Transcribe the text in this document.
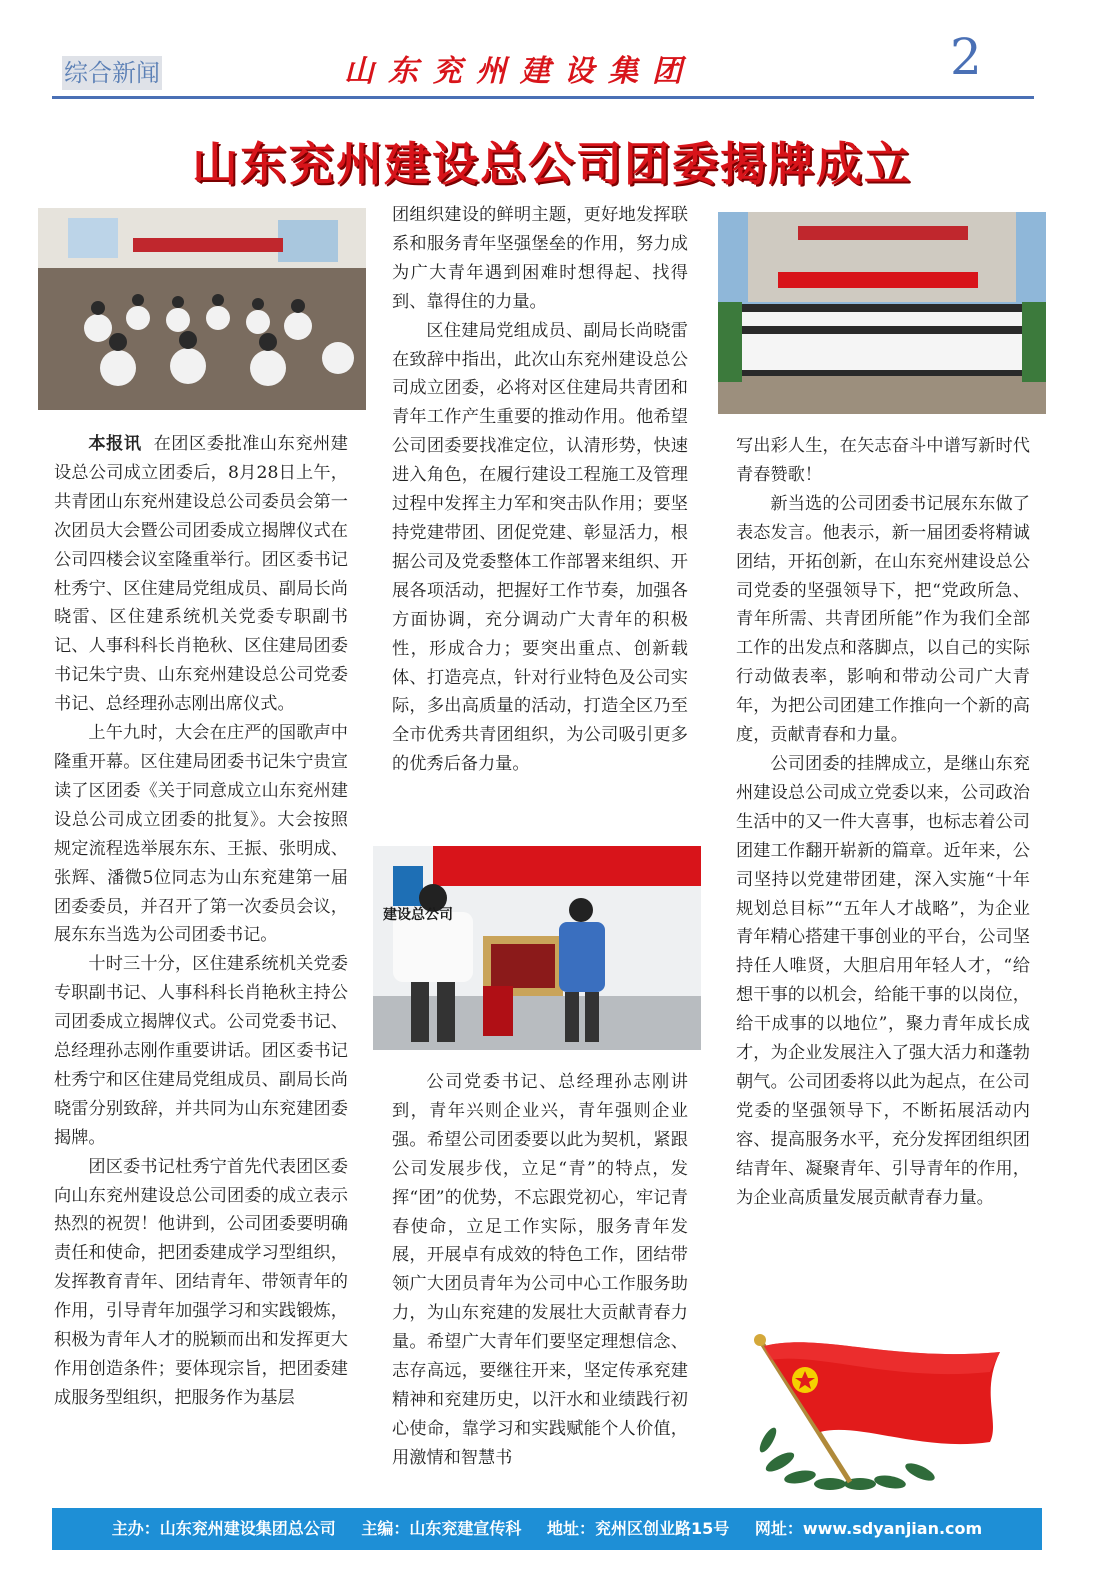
综合新闻	山东兖州建设集团	2
山东兖州建设总公司团委揭牌成立

本报讯 在团区委批准山东兖州建设总公司成立团委后，8月28日上午，共青团山东兖州建设总公司委员会第一次团员大会暨公司团委成立揭牌仪式在公司四楼会议室隆重举行。团区委书记杜秀宁、区住建局党组成员、副局长尚晓雷、区住建系统机关党委专职副书记、人事科科长肖艳秋、区住建局团委书记朱宁贵、山东兖州建设总公司党委书记、总经理孙志刚出席仪式。

上午九时，大会在庄严的国歌声中隆重开幕。区住建局团委书记朱宁贵宣读了区团委《关于同意成立山东兖州建设总公司成立团委的批复》。大会按照规定流程选举展东东、王振、张明成、张辉、潘微5位同志为山东兖建第一届团委委员，并召开了第一次委员会议，展东东当选为公司团委书记。

十时三十分，区住建系统机关党委专职副书记、人事科科长肖艳秋主持公司团委成立揭牌仪式。公司党委书记、总经理孙志刚作重要讲话。团区委书记杜秀宁和区住建局党组成员、副局长尚晓雷分别致辞，并共同为山东兖建团委揭牌。

团区委书记杜秀宁首先代表团区委向山东兖州建设总公司团委的成立表示热烈的祝贺！他讲到，公司团委要明确责任和使命，把团委建成学习型组织，发挥教育青年、团结青年、带领青年的作用，引导青年加强学习和实践锻炼，积极为青年人才的脱颖而出和发挥更大作用创造条件；要体现宗旨，把团委建成服务型组织，把服务作为基层

团组织建设的鲜明主题，更好地发挥联系和服务青年坚强堡垒的作用，努力成为广大青年遇到困难时想得起、找得到、靠得住的力量。

区住建局党组成员、副局长尚晓雷在致辞中指出，此次山东兖州建设总公司成立团委，必将对区住建局共青团和青年工作产生重要的推动作用。他希望公司团委要找准定位，认清形势，快速进入角色，在履行建设工程施工及管理过程中发挥主力军和突击队作用；要坚持党建带团、团促党建、彰显活力，根据公司及党委整体工作部署来组织、开展各项活动，把握好工作节奏，加强各方面协调，充分调动广大青年的积极性，形成合力；要突出重点、创新载体、打造亮点，针对行业特色及公司实际，多出高质量的活动，打造全区乃至全市优秀共青团组织，为公司吸引更多的优秀后备力量。

建设总公司

公司党委书记、总经理孙志刚讲到，青年兴则企业兴，青年强则企业强。希望公司团委要以此为契机，紧跟公司发展步伐，立足“青”的特点，发挥“团”的优势，不忘跟党初心，牢记青春使命，立足工作实际，服务青年发展，开展卓有成效的特色工作，团结带领广大团员青年为公司中心工作服务助力，为山东兖建的发展壮大贡献青春力量。希望广大青年们要坚定理想信念、志存高远，要继往开来，坚定传承兖建精神和兖建历史，以汗水和业绩践行初心使命，靠学习和实践赋能个人价值，用激情和智慧书

写出彩人生，在矢志奋斗中谱写新时代青春赞歌！

新当选的公司团委书记展东东做了表态发言。他表示，新一届团委将精诚团结，开拓创新，在山东兖州建设总公司党委的坚强领导下，把“党政所急、青年所需、共青团所能”作为我们全部工作的出发点和落脚点，以自己的实际行动做表率，影响和带动公司广大青年，为把公司团建工作推向一个新的高度，贡献青春和力量。

公司团委的挂牌成立，是继山东兖州建设总公司成立党委以来，公司政治生活中的又一件大喜事，也标志着公司团建工作翻开崭新的篇章。近年来，公司坚持以党建带团建，深入实施“十年规划总目标”“五年人才战略”，为企业青年精心搭建干事创业的平台，公司坚持任人唯贤，大胆启用年轻人才，“给想干事的以机会，给能干事的以岗位，给干成事的以地位”，聚力青年成长成才，为企业发展注入了强大活力和蓬勃朝气。公司团委将以此为起点，在公司党委的坚强领导下，不断拓展活动内容、提高服务水平，充分发挥团组织团结青年、凝聚青年、引导青年的作用，为企业高质量发展贡献青春力量。

主办：山东兖州建设集团总公司 主编：山东兖建宣传科 地址：兖州区创业路15号 网址：www.sdyanjian.com
